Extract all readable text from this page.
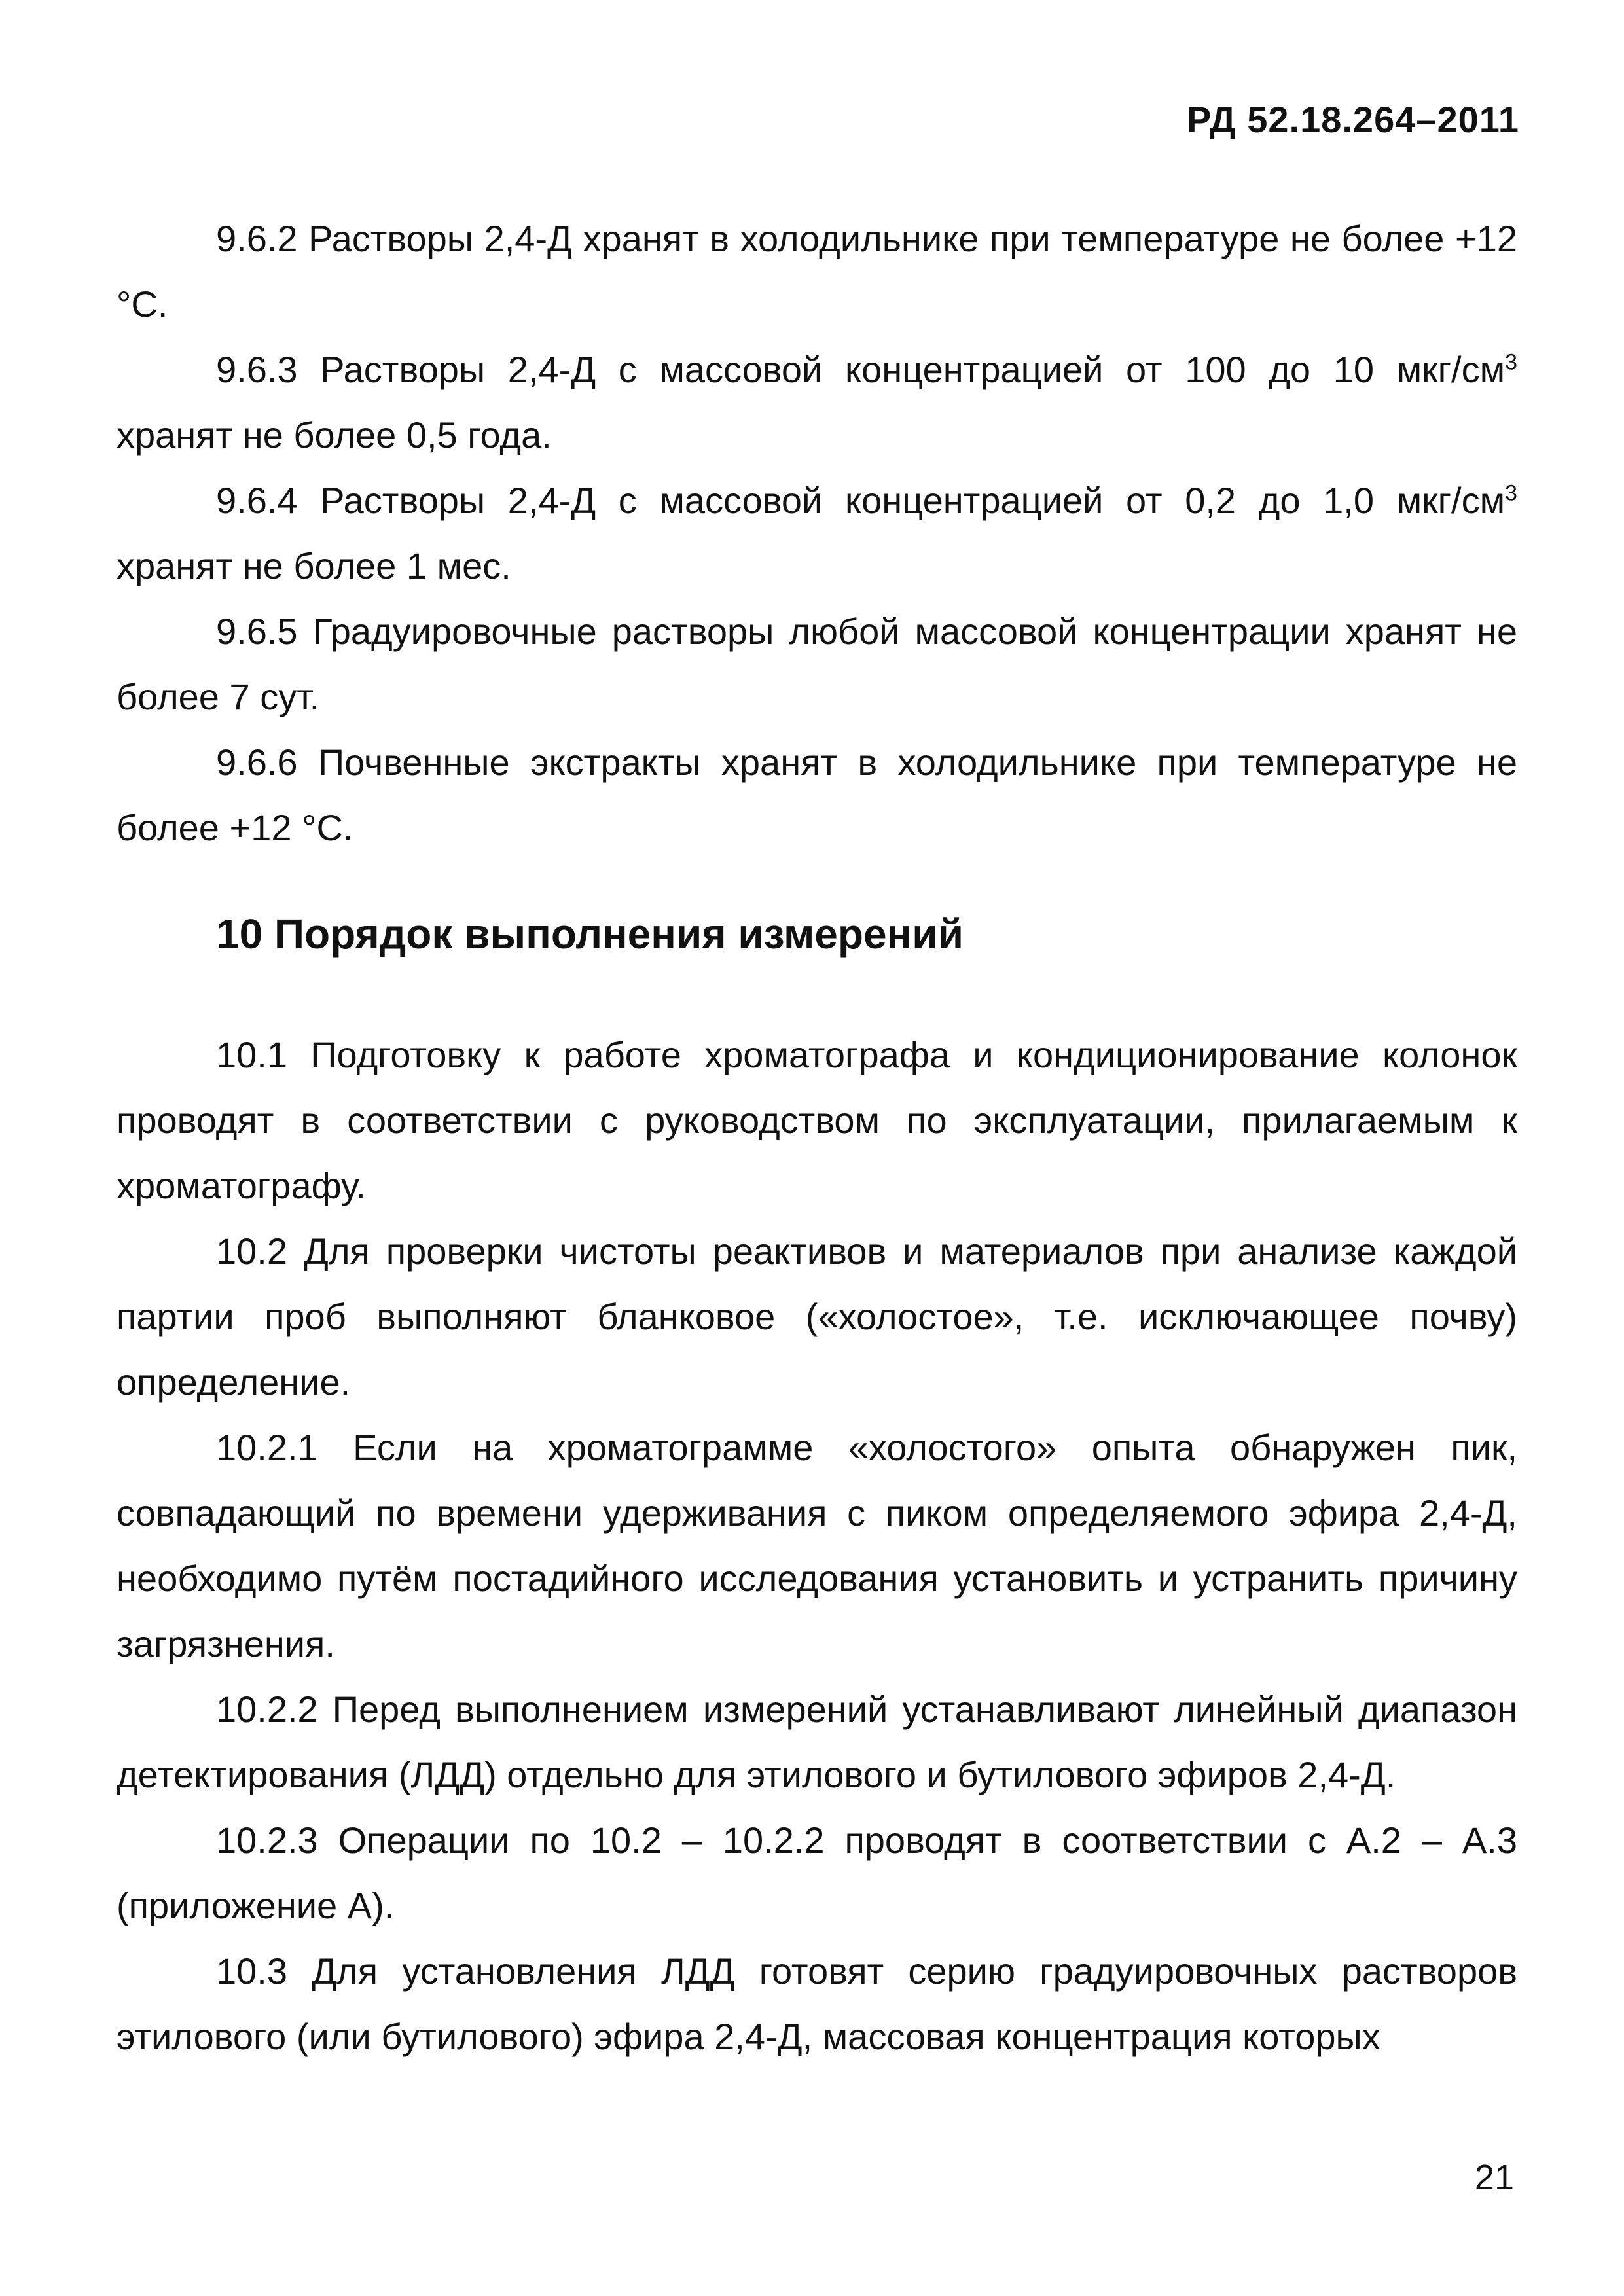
РД 52.18.264–2011

9.6.2 Растворы 2,4-Д хранят в холодильнике при температуре не более +12 °С.

9.6.3 Растворы 2,4-Д с массовой концентрацией от 100 до 10 мкг/$см^3$ хранят не более 0,5 года.

9.6.4 Растворы 2,4-Д с массовой концентрацией от 0,2 до 1,0 мкг/$см^3$ хранят не более 1 мес.

9.6.5 Градуировочные растворы любой массовой концентрации хранят не более 7 сут.

9.6.6 Почвенные экстракты хранят в холодильнике при температуре не более +12 °С.

10 Порядок выполнения измерений

10.1 Подготовку к работе хроматографа и кондиционирование колонок проводят в соответствии с руководством по эксплуатации, прилагаемым к хроматографу.

10.2 Для проверки чистоты реактивов и материалов при анализе каждой партии проб выполняют бланковое («холостое», т.е. исключающее почву) определение.

10.2.1 Если на хроматограмме «холостого» опыта обнаружен пик, совпадающий по времени удерживания с пиком определяемого эфира 2,4-Д, необходимо путём постадийного исследования установить и устранить причину загрязнения.

10.2.2 Перед выполнением измерений устанавливают линейный диапазон детектирования (ЛДД) отдельно для этилового и бутилового эфиров 2,4-Д.

10.2.3 Операции по 10.2 – 10.2.2 проводят в соответствии с А.2 – А.3 (приложение А).

10.3 Для установления ЛДД готовят серию градуировочных растворов этилового (или бутилового) эфира 2,4-Д, массовая концентрация которых

21
